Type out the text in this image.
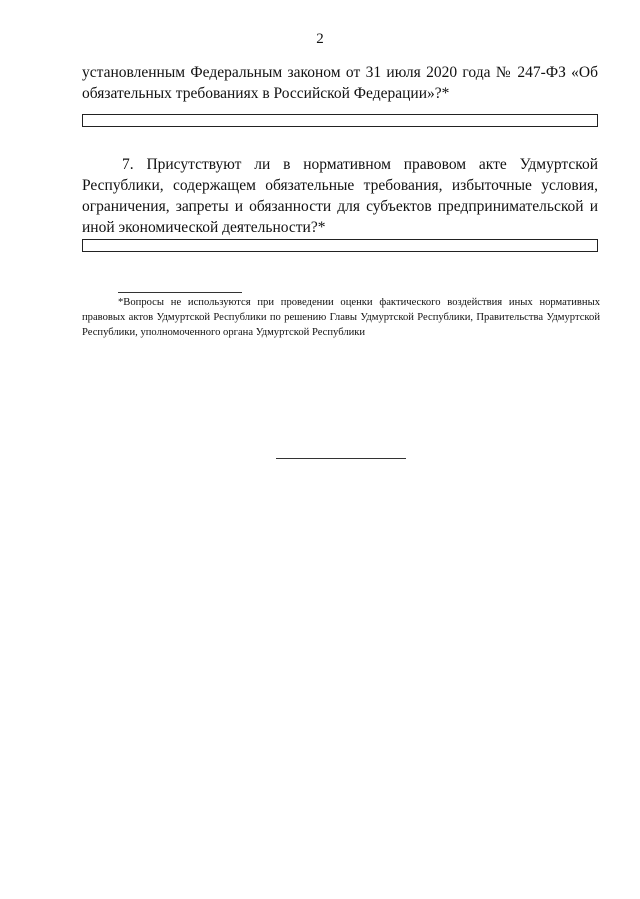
2

установленным Федеральным законом от 31 июля 2020 года № 247-ФЗ «Об обязательных требованиях в Российской Федерации»?*

7. Присутствуют ли в нормативном правовом акте Удмуртской Республики, содержащем обязательные требования, избыточные условия, ограничения, запреты и обязанности для субъектов предпринимательской и иной экономической деятельности?*

*Вопросы не используются при проведении оценки фактического воздействия иных нормативных правовых актов Удмуртской Республики по решению Главы Удмуртской Республики, Правительства Удмуртской Республики, уполномоченного органа Удмуртской Республики
